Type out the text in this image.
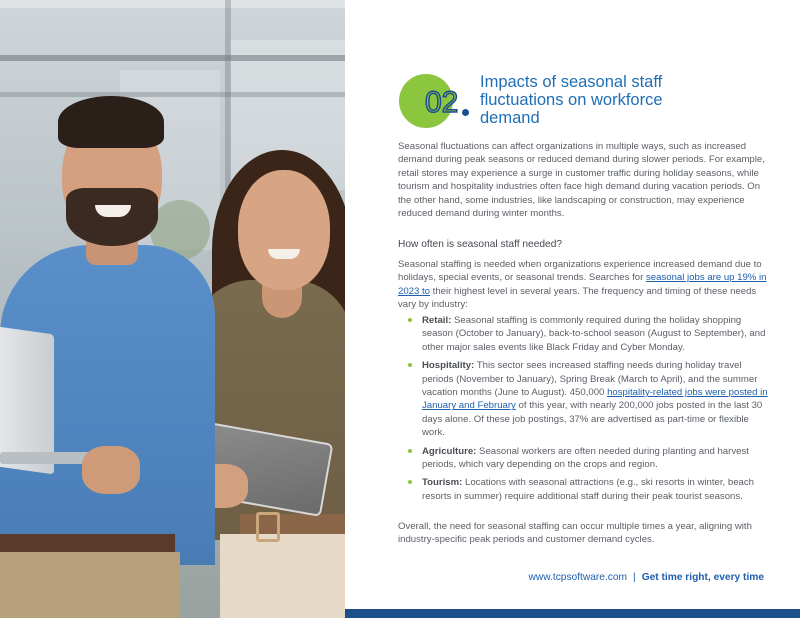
02
Impacts of seasonal staff fluctuations on workforce demand

Seasonal fluctuations can affect organizations in multiple ways, such as increased demand during peak seasons or reduced demand during slower periods. For example, retail stores may experience a surge in customer traffic during holiday seasons, while tourism and hospitality industries often face high demand during vacation periods. On the other hand, some industries, like landscaping or construction, may experience reduced demand during winter months.

How often is seasonal staff needed?

Seasonal staffing is needed when organizations experience increased demand due to holidays, special events, or seasonal trends. Searches for seasonal jobs are up 19% in 2023 to their highest level in several years. The frequency and timing of these needs vary by industry:

Retail: Seasonal staffing is commonly required during the holiday shopping season (October to January), back-to-school season (August to September), and other major sales events like Black Friday and Cyber Monday.
Hospitality: This sector sees increased staffing needs during holiday travel periods (November to January), Spring Break (March to April), and the summer vacation months (June to August). 450,000 hospitality-related jobs were posted in January and February of this year, with nearly 200,000 jobs posted in the last 30 days alone. Of these job postings, 37% are advertised as part-time or flexible work.
Agriculture: Seasonal workers are often needed during planting and harvest periods, which vary depending on the crops and region.
Tourism: Locations with seasonal attractions (e.g., ski resorts in winter, beach resorts in summer) require additional staff during their peak tourist seasons.

Overall, the need for seasonal staffing can occur multiple times a year, aligning with industry-specific peak periods and customer demand cycles.

www.tcpsoftware.com | Get time right, every time
